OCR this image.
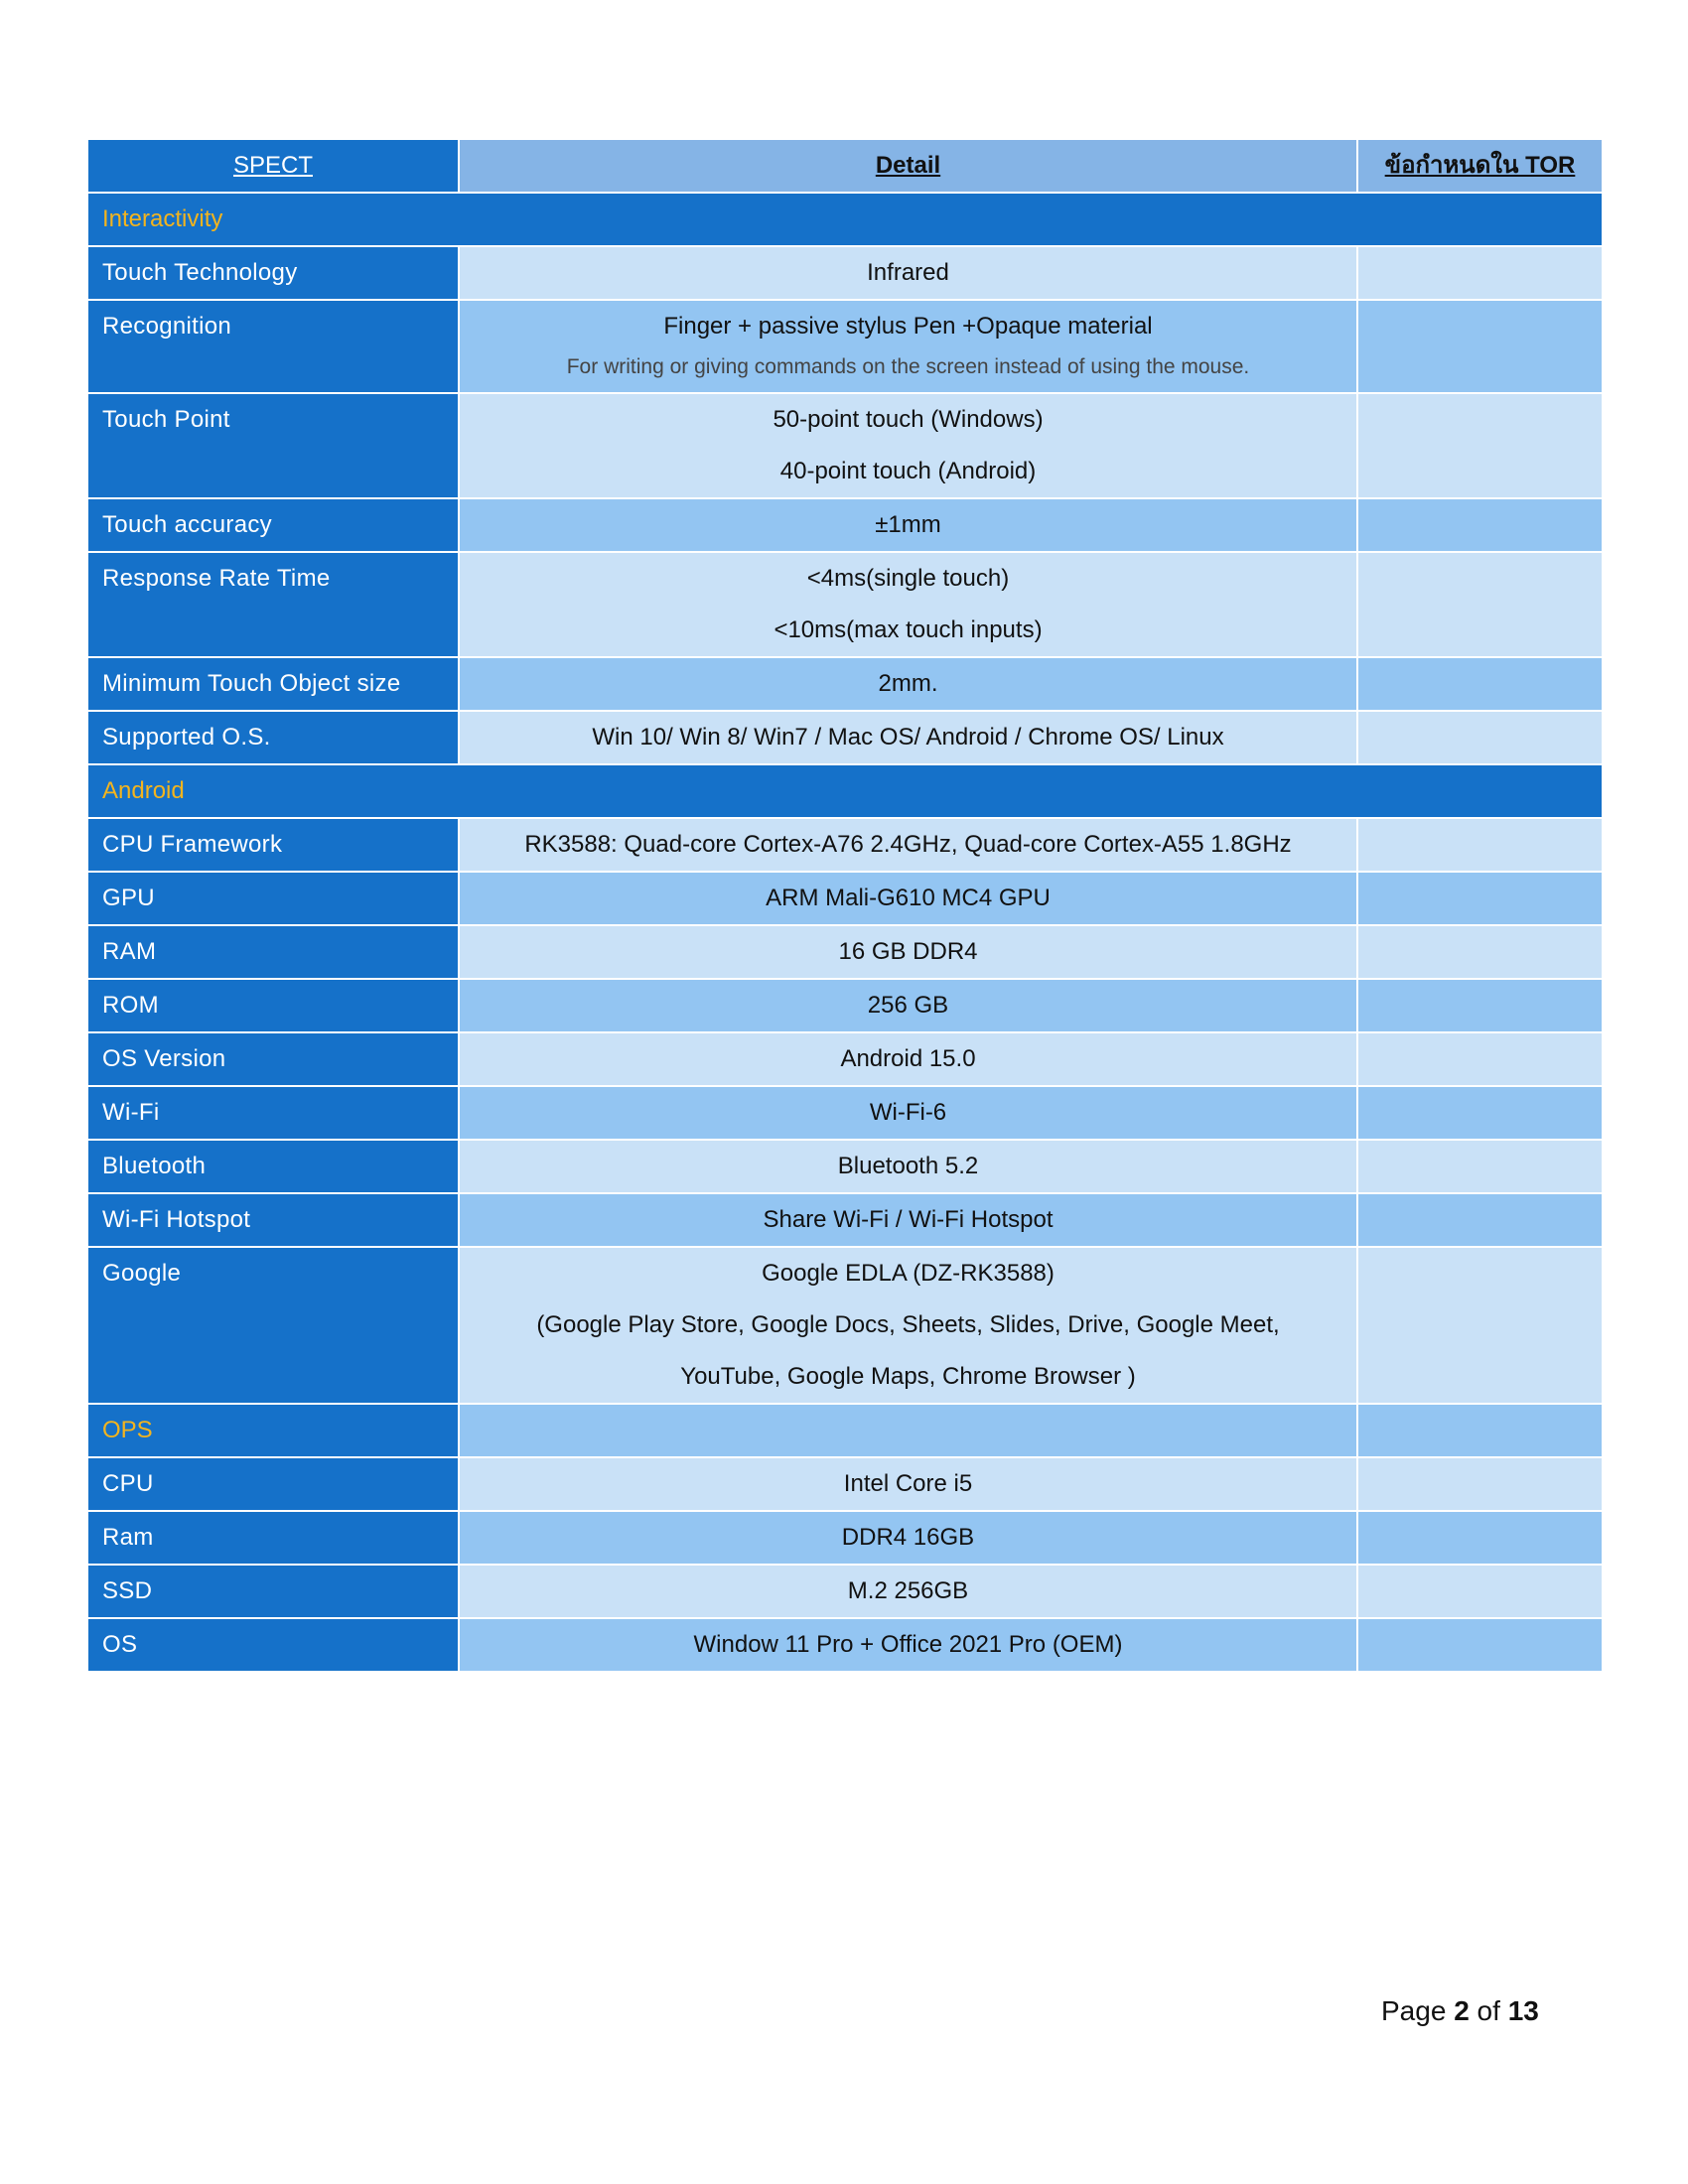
SPECT	Detail	ข้อกำหนดใน TOR
Interactivity		
Touch Technology	Infrared	

Recognition	Finger + passive stylus Pen +Opaque material
For writing or giving commands on the screen instead of using the mouse.	

Touch Point	50-point touch (Windows)
40-point touch (Android)	

Touch accuracy	±1mm	

Response Rate Time	<4ms(single touch)
<10ms(max touch inputs)	

Minimum Touch Object size	2mm.	

Supported O.S.	Win 10/ Win 8/ Win7 / Mac OS/ Android / Chrome OS/ Linux	

Android		
CPU Framework	RK3588: Quad-core Cortex-A76 2.4GHz, Quad-core Cortex-A55 1.8GHz	

GPU	ARM Mali-G610 MC4 GPU	

RAM	16 GB DDR4	

ROM	256 GB	

OS Version	Android 15.0	

Wi-Fi	Wi-Fi-6	

Bluetooth	Bluetooth 5.2	

Wi-Fi Hotspot	Share Wi-Fi / Wi-Fi Hotspot	

Google	Google EDLA (DZ-RK3588)
(Google Play Store, Google Docs, Sheets, Slides, Drive, Google Meet,
YouTube, Google Maps, Chrome Browser )	

OPS		
CPU	Intel Core i5	

Ram	DDR4 16GB	

SSD	M.2 256GB	

OS	Window 11 Pro + Office 2021 Pro (OEM)	

Page 2 of 13
